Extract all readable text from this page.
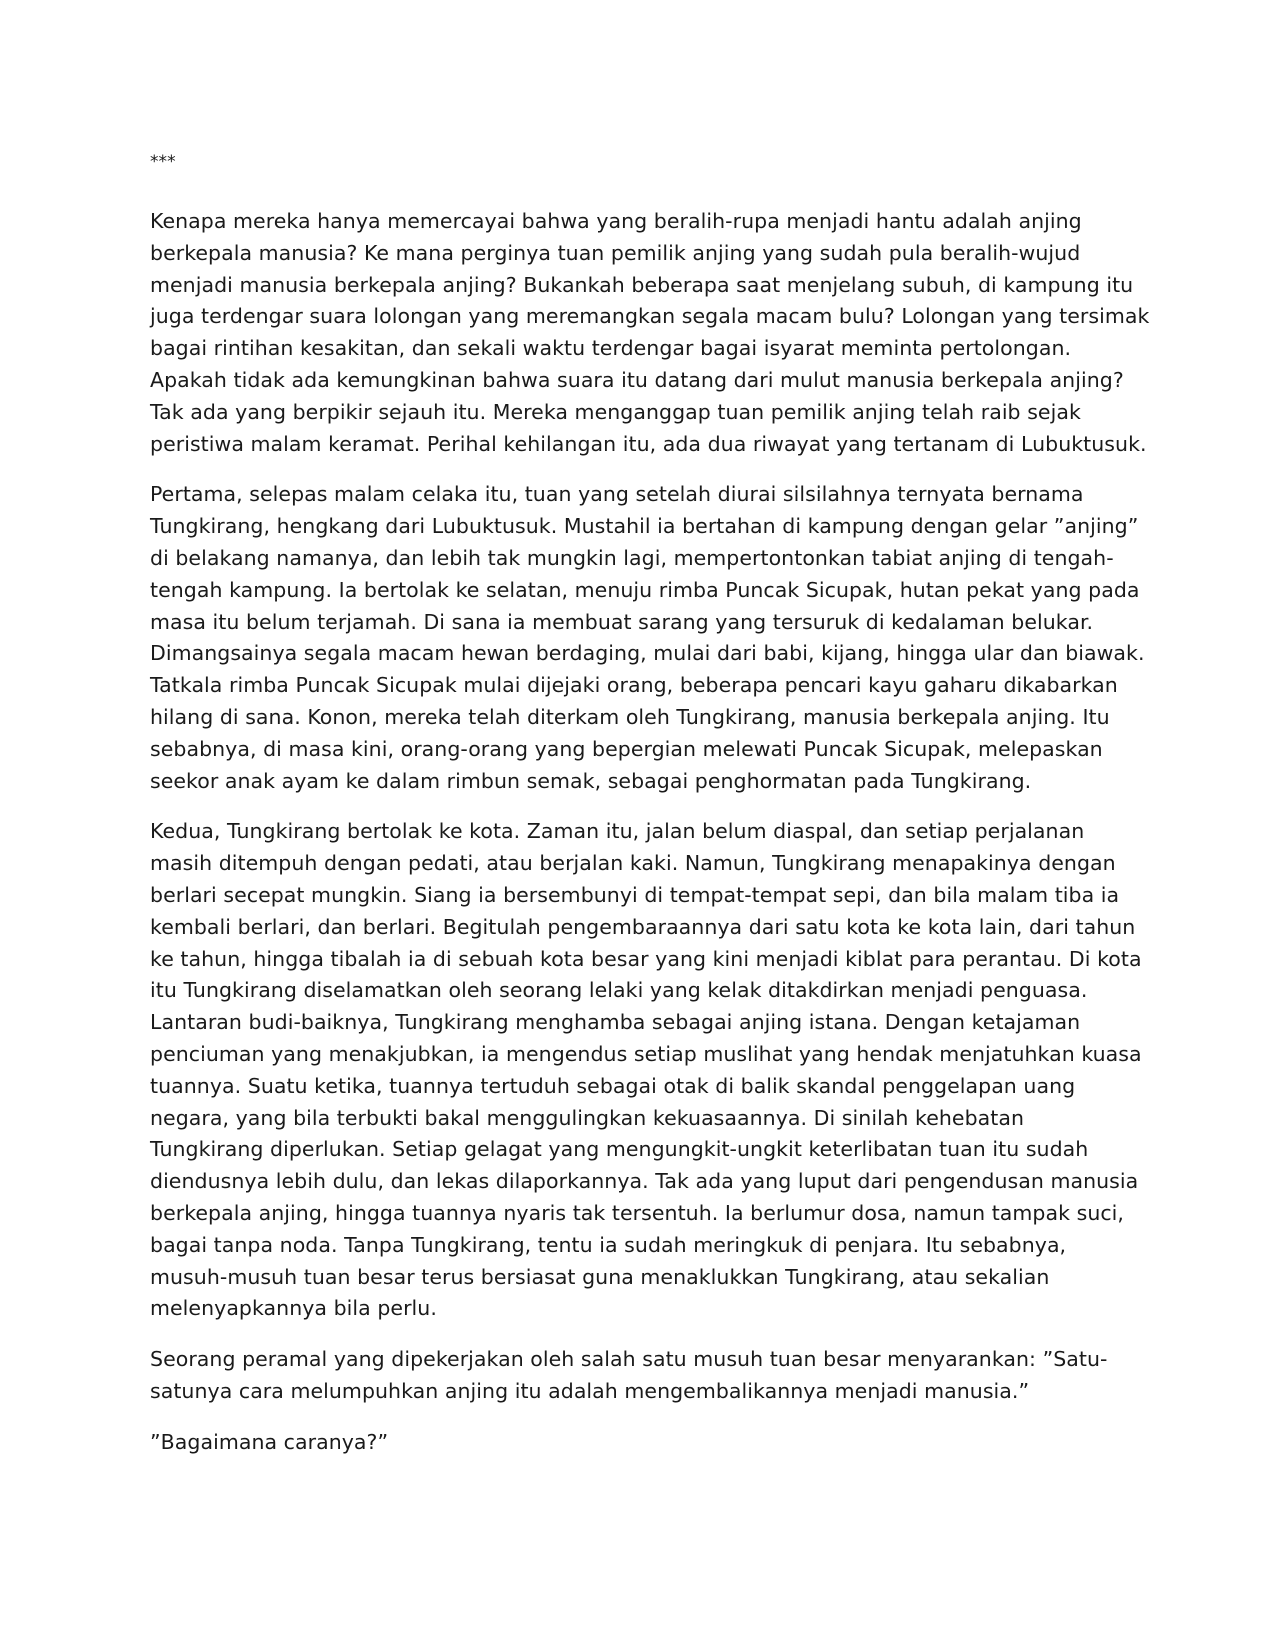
***
Kenapa mereka hanya memercayai bahwa yang beralih-rupa menjadi hantu adalah anjing
berkepala manusia? Ke mana perginya tuan pemilik anjing yang sudah pula beralih-wujud
menjadi manusia berkepala anjing? Bukankah beberapa saat menjelang subuh, di kampung itu
juga terdengar suara lolongan yang meremangkan segala macam bulu? Lolongan yang tersimak
bagai rintihan kesakitan, dan sekali waktu terdengar bagai isyarat meminta pertolongan.
Apakah tidak ada kemungkinan bahwa suara itu datang dari mulut manusia berkepala anjing?
Tak ada yang berpikir sejauh itu. Mereka menganggap tuan pemilik anjing telah raib sejak
peristiwa malam keramat. Perihal kehilangan itu, ada dua riwayat yang tertanam di Lubuktusuk.
Pertama, selepas malam celaka itu, tuan yang setelah diurai silsilahnya ternyata bernama
Tungkirang, hengkang dari Lubuktusuk. Mustahil ia bertahan di kampung dengan gelar ”anjing”
di belakang namanya, dan lebih tak mungkin lagi, mempertontonkan tabiat anjing di tengah-
tengah kampung. Ia bertolak ke selatan, menuju rimba Puncak Sicupak, hutan pekat yang pada
masa itu belum terjamah. Di sana ia membuat sarang yang tersuruk di kedalaman belukar.
Dimangsainya segala macam hewan berdaging, mulai dari babi, kijang, hingga ular dan biawak.
Tatkala rimba Puncak Sicupak mulai dijejaki orang, beberapa pencari kayu gaharu dikabarkan
hilang di sana. Konon, mereka telah diterkam oleh Tungkirang, manusia berkepala anjing. Itu
sebabnya, di masa kini, orang-orang yang bepergian melewati Puncak Sicupak, melepaskan
seekor anak ayam ke dalam rimbun semak, sebagai penghormatan pada Tungkirang.
Kedua, Tungkirang bertolak ke kota. Zaman itu, jalan belum diaspal, dan setiap perjalanan
masih ditempuh dengan pedati, atau berjalan kaki. Namun, Tungkirang menapakinya dengan
berlari secepat mungkin. Siang ia bersembunyi di tempat-tempat sepi, dan bila malam tiba ia
kembali berlari, dan berlari. Begitulah pengembaraannya dari satu kota ke kota lain, dari tahun
ke tahun, hingga tibalah ia di sebuah kota besar yang kini menjadi kiblat para perantau. Di kota
itu Tungkirang diselamatkan oleh seorang lelaki yang kelak ditakdirkan menjadi penguasa.
Lantaran budi-baiknya, Tungkirang menghamba sebagai anjing istana. Dengan ketajaman
penciuman yang menakjubkan, ia mengendus setiap muslihat yang hendak menjatuhkan kuasa
tuannya. Suatu ketika, tuannya tertuduh sebagai otak di balik skandal penggelapan uang
negara, yang bila terbukti bakal menggulingkan kekuasaannya. Di sinilah kehebatan
Tungkirang diperlukan. Setiap gelagat yang mengungkit-ungkit keterlibatan tuan itu sudah
diendusnya lebih dulu, dan lekas dilaporkannya. Tak ada yang luput dari pengendusan manusia
berkepala anjing, hingga tuannya nyaris tak tersentuh. Ia berlumur dosa, namun tampak suci,
bagai tanpa noda. Tanpa Tungkirang, tentu ia sudah meringkuk di penjara. Itu sebabnya,
musuh-musuh tuan besar terus bersiasat guna menaklukkan Tungkirang, atau sekalian
melenyapkannya bila perlu.
Seorang peramal yang dipekerjakan oleh salah satu musuh tuan besar menyarankan: ”Satu-
satunya cara melumpuhkan anjing itu adalah mengembalikannya menjadi manusia.”
”Bagaimana caranya?”
